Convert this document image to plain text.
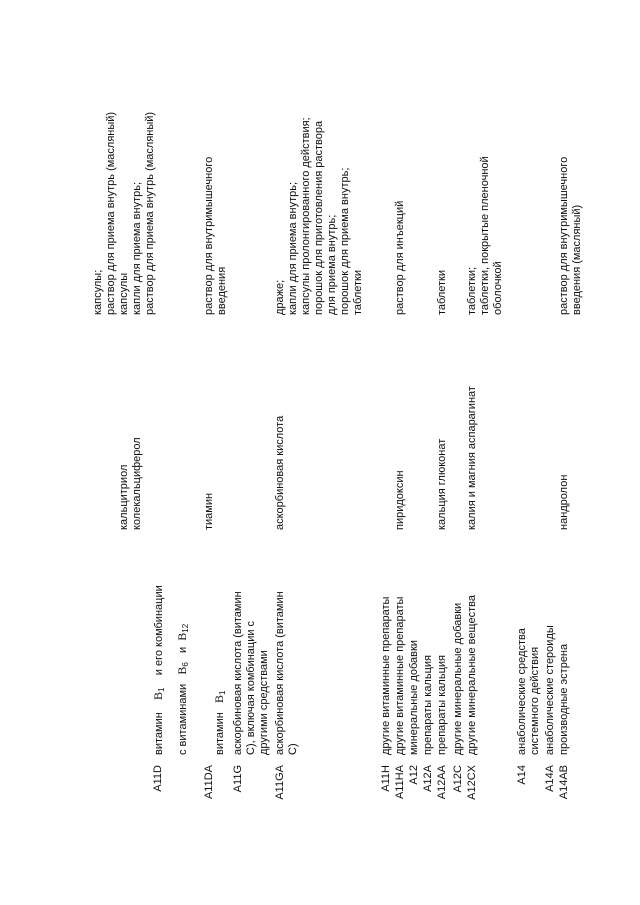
кальцитриол колекальциферол
капсулы; раствор для приема внутрь (масляный) капсулы капли для приема внутрь; раствор для приема внутрь (масляный)
A11D
витамин    $B_1$    и его комбинации
с витаминами   $B_6$   и  $B_{12}$
A11DA
витамин   $B_1$
тиамин
раствор для внутримышечного введения
A11G
аскорбиновая кислота (витамин C), включая комбинации с другими средствами
A11GA
аскорбиновая кислота (витамин C)
аскорбиновая кислота
драже; капли для приема внутрь; капсулы пролонгированного действия; порошок для приготовления раствора для приема внутрь; порошок для приема внутрь; таблетки
A11H
другие витаминные препараты
A11HA
другие витаминные препараты
пиридоксин
раствор для инъекций
A12
минеральные добавки
A12A
препараты кальция
A12AA
препараты кальция
кальция глюконат
таблетки
A12C
другие минеральные добавки
A12CX
другие минеральные вещества
калия и магния аспарагинат
таблетки; таблетки, покрытые пленочной оболочкой
A14
анаболические средства системного действия
A14A
анаболические стероиды
A14AB
производные эстрена
нандролон
раствор для внутримышечного введения (масляный)
